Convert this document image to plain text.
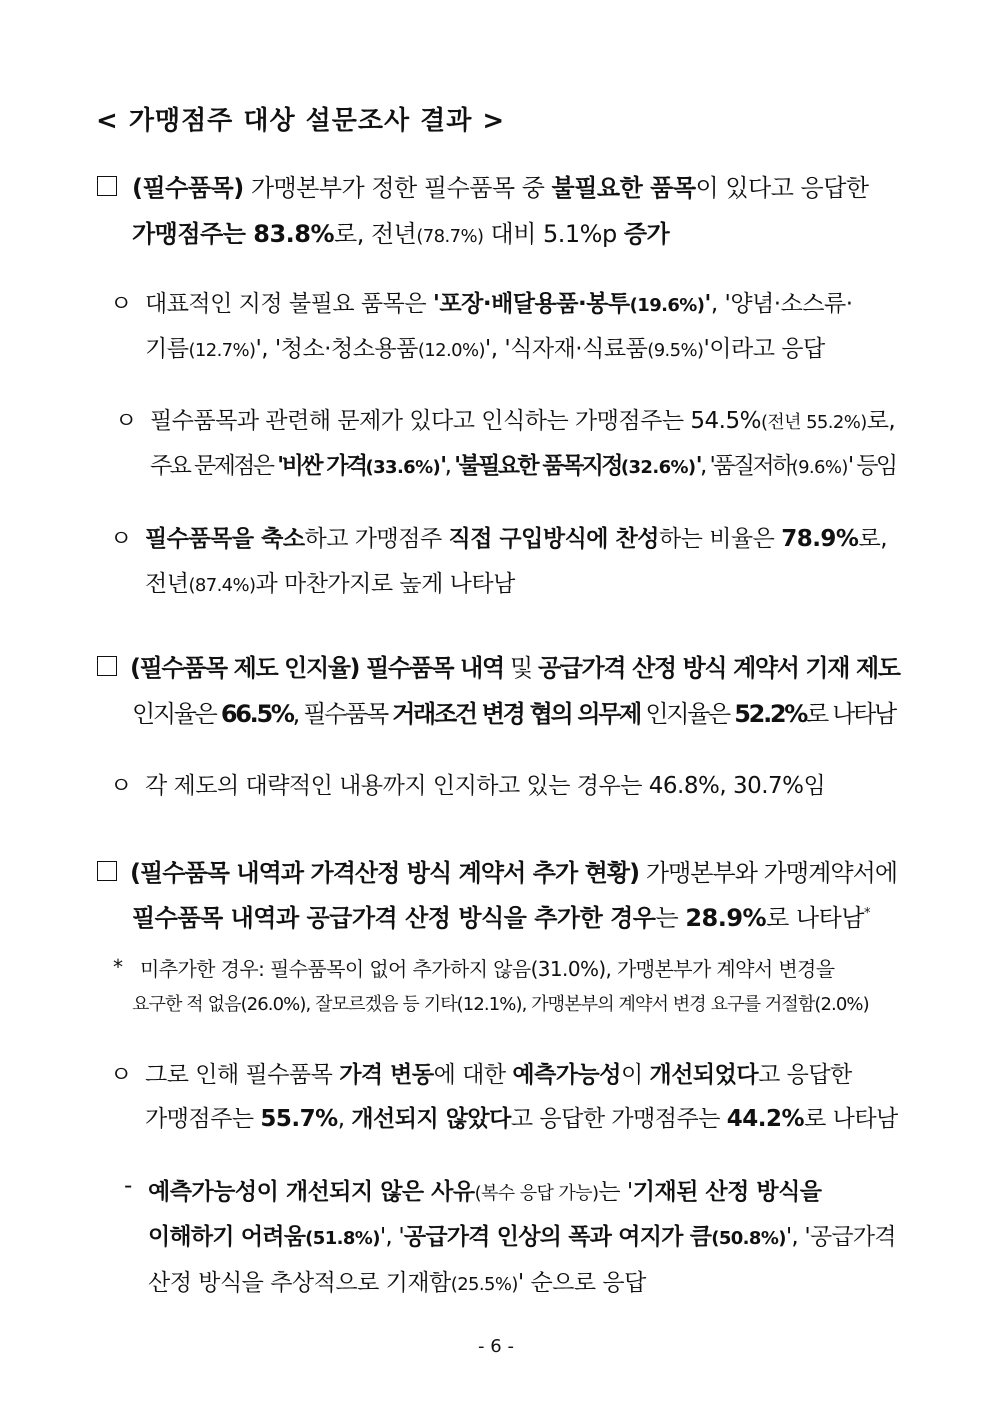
< 가맹점주 대상 설문조사 결과 >
(필수품목) 가맹본부가 정한 필수품목 중 불필요한 품목이 있다고 응답한
가맹점주는 83.8%로, 전년(78.7%) 대비 5.1%p 증가
ㅇ 대표적인 지정 불필요 품목은 '포장·배달용품·봉투(19.6%)', '양념·소스류·
기름(12.7%)', '청소·청소용품(12.0%)', '식자재·식료품(9.5%)'이라고 응답
ㅇ 필수품목과 관련해 문제가 있다고 인식하는 가맹점주는 54.5%(전년 55.2%)로,
주요 문제점은 '비싼 가격(33.6%)', '불필요한 품목지정(32.6%)', '품질저하(9.6%)' 등임
ㅇ 필수품목을 축소하고 가맹점주 직접 구입방식에 찬성하는 비율은 78.9%로,
전년(87.4%)과 마찬가지로 높게 나타남
(필수품목 제도 인지율) 필수품목 내역 및 공급가격 산정 방식 계약서 기재 제도
인지율은 66.5%, 필수품목 거래조건 변경 협의 의무제 인지율은 52.2%로 나타남
ㅇ 각 제도의 대략적인 내용까지 인지하고 있는 경우는 46.8%, 30.7%임
(필수품목 내역과 가격산정 방식 계약서 추가 현황) 가맹본부와 가맹계약서에
필수품목 내역과 공급가격 산정 방식을 추가한 경우는 28.9%로 나타남*
* 미추가한 경우: 필수품목이 없어 추가하지 않음(31.0%), 가맹본부가 계약서 변경을
요구한 적 없음(26.0%), 잘모르겠음 등 기타(12.1%), 가맹본부의 계약서 변경 요구를 거절함(2.0%)
ㅇ 그로 인해 필수품목 가격 변동에 대한 예측가능성이 개선되었다고 응답한
가맹점주는 55.7%, 개선되지 않았다고 응답한 가맹점주는 44.2%로 나타남
- 예측가능성이 개선되지 않은 사유(복수 응답 가능)는 '기재된 산정 방식을
이해하기 어려움(51.8%)', '공급가격 인상의 폭과 여지가 큼(50.8%)', '공급가격
산정 방식을 추상적으로 기재함(25.5%)' 순으로 응답
- 6 -
